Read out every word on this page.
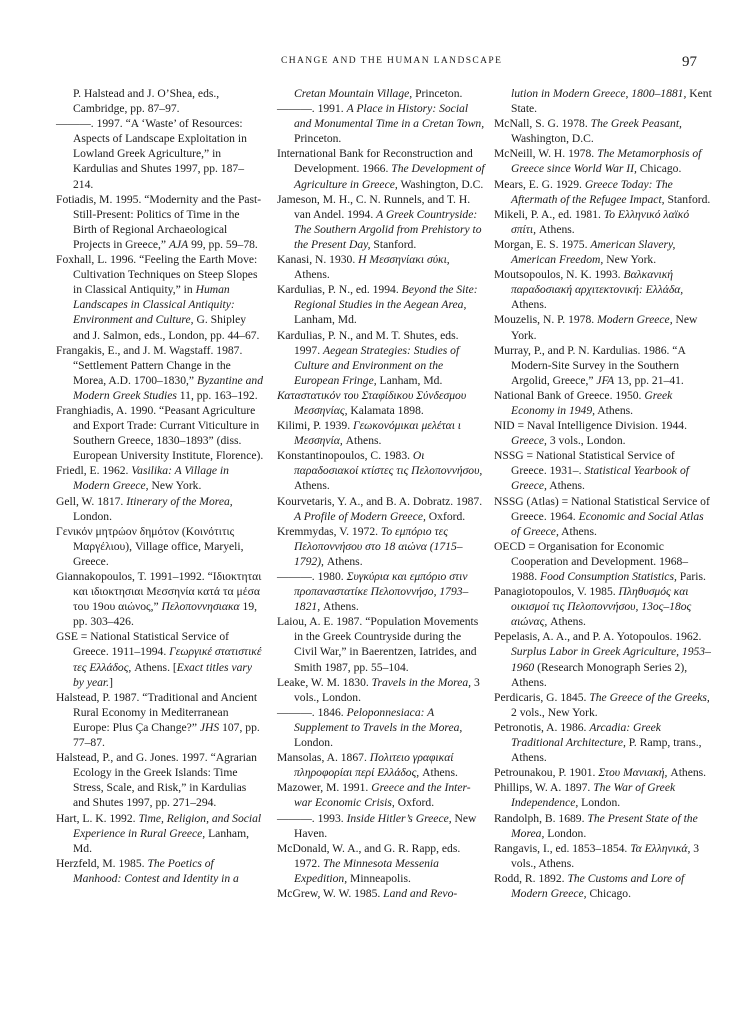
CHANGE AND THE HUMAN LANDSCAPE	97
P. Halstead and J. O’Shea, eds., Cambridge, pp. 87–97.
———. 1997. “A ‘Waste’ of Resources: Aspects of Landscape Exploitation in Lowland Greek Agriculture,” in Kardulias and Shutes 1997, pp. 187–214.
Fotiadis, M. 1995. “Modernity and the Past-Still-Present: Politics of Time in the Birth of Regional Archaeological Projects in Greece,” AJA 99, pp. 59–78.
Foxhall, L. 1996. “Feeling the Earth Move: Cultivation Techniques on Steep Slopes in Classical Antiquity,” in Human Landscapes in Classical Antiquity: Environment and Culture, G. Shipley and J. Salmon, eds., London, pp. 44–67.
Frangakis, E., and J. M. Wagstaff. 1987. “Settlement Pattern Change in the Morea, A.D. 1700–1830,” Byzantine and Modern Greek Studies 11, pp. 163–192.
Franghiadis, A. 1990. “Peasant Agriculture and Export Trade: Currant Viticulture in Southern Greece, 1830–1893” (diss. European University Institute, Florence).
Friedl, E. 1962. Vasilika: A Village in Modern Greece, New York.
Gell, W. 1817. Itinerary of the Morea, London.
Γενικόν μητρώον δημότον (Κοινότιτις Μαργέλιου), Village office, Maryeli, Greece.
Giannakopoulos, T. 1991–1992. “Ιδιοκτηται και ιδιοκτησιαι Μεσσηνία κατά τα μέσα του 19ου αιώνος,” Πελοποννησιακα 19, pp. 303–426.
GSE = National Statistical Service of Greece. 1911–1994. Γεωργικέ στατιστικέ τες Ελλάδος, Athens. [Exact titles vary by year.]
Halstead, P. 1987. “Traditional and Ancient Rural Economy in Mediterranean Europe: Plus Ça Change?” JHS 107, pp. 77–87.
Halstead, P., and G. Jones. 1997. “Agrarian Ecology in the Greek Islands: Time Stress, Scale, and Risk,” in Kardulias and Shutes 1997, pp. 271–294.
Hart, L. K. 1992. Time, Religion, and Social Experience in Rural Greece, Lanham, Md.
Herzfeld, M. 1985. The Poetics of Manhood: Contest and Identity in a
Cretan Mountain Village, Princeton.
———. 1991. A Place in History: Social and Monumental Time in a Cretan Town, Princeton.
International Bank for Reconstruction and Development. 1966. The Development of Agriculture in Greece, Washington, D.C.
Jameson, M. H., C. N. Runnels, and T. H. van Andel. 1994. A Greek Countryside: The Southern Argolid from Prehistory to the Present Day, Stanford.
Kanasi, N. 1930. Η Μεσσηνίακι σύκι, Athens.
Kardulias, P. N., ed. 1994. Beyond the Site: Regional Studies in the Aegean Area, Lanham, Md.
Kardulias, P. N., and M. T. Shutes, eds. 1997. Aegean Strategies: Studies of Culture and Environment on the European Fringe, Lanham, Md.
Καταστατικόν του Σταφίδικου Σύνδεσμου Μεσσηνίας, Kalamata 1898.
Kilimi, P. 1939. Γεωκονόμικαι μελέται ι Μεσσηνία, Athens.
Konstantinopoulos, C. 1983. Οι παραδοσιακοί κτίστες τις Πελοποννήσου, Athens.
Kourvetaris, Y. A., and B. A. Dobratz. 1987. A Profile of Modern Greece, Oxford.
Kremmydas, V. 1972. Το εμπόριο τες Πελοποννήσου στο 18 αιώνα (1715–1792), Athens.
———. 1980. Συγκύρια και εμπόριο στιν προπαναστατίκε Πελοποννήσο, 1793–1821, Athens.
Laiou, A. E. 1987. “Population Movements in the Greek Countryside during the Civil War,” in Baerentzen, Iatrides, and Smith 1987, pp. 55–104.
Leake, W. M. 1830. Travels in the Morea, 3 vols., London.
———. 1846. Peloponnesiaca: A Supplement to Travels in the Morea, London.
Mansolas, A. 1867. Πολιτειο γραφικαί πληροφορίαι περί Ελλάδος, Athens.
Mazower, M. 1991. Greece and the Inter-war Economic Crisis, Oxford.
———. 1993. Inside Hitler’s Greece, New Haven.
McDonald, W. A., and G. R. Rapp, eds. 1972. The Minnesota Messenia Expedition, Minneapolis.
McGrew, W. W. 1985. Land and Revo-
lution in Modern Greece, 1800–1881, Kent State.
McNall, S. G. 1978. The Greek Peasant, Washington, D.C.
McNeill, W. H. 1978. The Metamorphosis of Greece since World War II, Chicago.
Mears, E. G. 1929. Greece Today: The Aftermath of the Refugee Impact, Stanford.
Mikeli, P. A., ed. 1981. Το Ελληνικό λαϊκό σπίτι, Athens.
Morgan, E. S. 1975. American Slavery, American Freedom, New York.
Moutsopoulos, N. K. 1993. Βαλκανική παραδοσιακή αρχιτεκτονική: Ελλάδα, Athens.
Mouzelis, N. P. 1978. Modern Greece, New York.
Murray, P., and P. N. Kardulias. 1986. “A Modern-Site Survey in the Southern Argolid, Greece,” JFA 13, pp. 21–41.
National Bank of Greece. 1950. Greek Economy in 1949, Athens.
NID = Naval Intelligence Division. 1944. Greece, 3 vols., London.
NSSG = National Statistical Service of Greece. 1931–. Statistical Yearbook of Greece, Athens.
NSSG (Atlas) = National Statistical Service of Greece. 1964. Economic and Social Atlas of Greece, Athens.
OECD = Organisation for Economic Cooperation and Development. 1968–1988. Food Consumption Statistics, Paris.
Panagiotopoulos, V. 1985. Πληθυσμός και οικισμοί τις Πελοποννήσου, 13ος–18ος αιώνας, Athens.
Pepelasis, A. A., and P. A. Yotopoulos. 1962. Surplus Labor in Greek Agriculture, 1953–1960 (Research Monograph Series 2), Athens.
Perdicaris, G. 1845. The Greece of the Greeks, 2 vols., New York.
Petronotis, A. 1986. Arcadia: Greek Traditional Architecture, P. Ramp, trans., Athens.
Petrounakou, P. 1901. Στου Μανιακή, Athens.
Phillips, W. A. 1897. The War of Greek Independence, London.
Randolph, B. 1689. The Present State of the Morea, London.
Rangavis, I., ed. 1853–1854. Τα Ελληνικά, 3 vols., Athens.
Rodd, R. 1892. The Customs and Lore of Modern Greece, Chicago.
